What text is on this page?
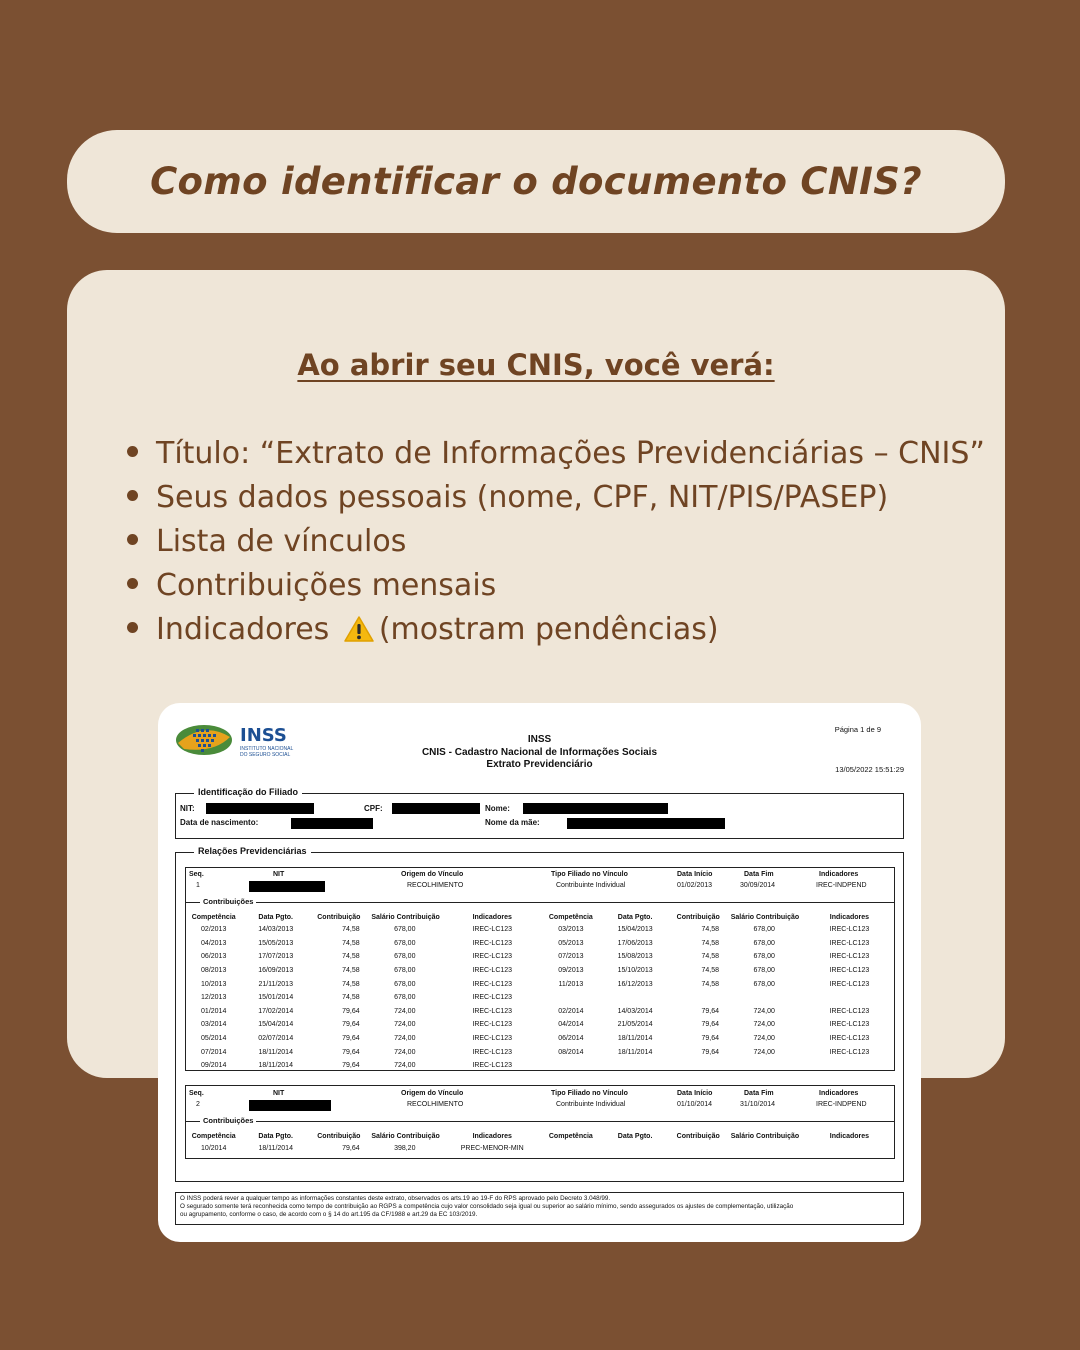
Como identificar o documento CNIS?
Ao abrir seu CNIS, você verá:
Título: “Extrato de Informações Previdenciárias – CNIS”
Seus dados pessoais (nome, CPF, NIT/PIS/PASEP)
Lista de vínculos
Contribuições mensais
Indicadores (mostram pendências)
INSS
INSTITUTO NACIONAL
DO SEGURO SOCIAL
INSS
CNIS - Cadastro Nacional de Informações Sociais
Extrato Previdenciário
Página 1 de 9
13/05/2022 15:51:29
Identificação do Filiado
NIT:	CPF:	Nome:
Data de nascimento:	Nome da mãe:
Relações Previdenciárias
Seq.	NIT	Origem do Vínculo	Tipo Filiado no Vínculo	Data Início	Data Fim	Indicadores
1	RECOLHIMENTO	Contribuinte Individual	01/02/2013	30/09/2014	IREC-INDPEND
Contribuições
Competência	Data Pgto.	Contribuição	Salário Contribuição	Indicadores	Competência	Data Pgto.	Contribuição	Salário Contribuição	Indicadores
02/2013	14/03/2013	74,58	678,00	IREC-LC123	03/2013	15/04/2013	74,58	678,00	IREC-LC123
04/2013	15/05/2013	74,58	678,00	IREC-LC123	05/2013	17/06/2013	74,58	678,00	IREC-LC123
06/2013	17/07/2013	74,58	678,00	IREC-LC123	07/2013	15/08/2013	74,58	678,00	IREC-LC123
08/2013	16/09/2013	74,58	678,00	IREC-LC123	09/2013	15/10/2013	74,58	678,00	IREC-LC123
10/2013	21/11/2013	74,58	678,00	IREC-LC123	11/2013	16/12/2013	74,58	678,00	IREC-LC123
12/2013	15/01/2014	74,58	678,00	IREC-LC123					
01/2014	17/02/2014	79,64	724,00	IREC-LC123	02/2014	14/03/2014	79,64	724,00	IREC-LC123
03/2014	15/04/2014	79,64	724,00	IREC-LC123	04/2014	21/05/2014	79,64	724,00	IREC-LC123
05/2014	02/07/2014	79,64	724,00	IREC-LC123	06/2014	18/11/2014	79,64	724,00	IREC-LC123
07/2014	18/11/2014	79,64	724,00	IREC-LC123	08/2014	18/11/2014	79,64	724,00	IREC-LC123
09/2014	18/11/2014	79,64	724,00	IREC-LC123					
Seq.	NIT	Origem do Vínculo	Tipo Filiado no Vínculo	Data Início	Data Fim	Indicadores
2	RECOLHIMENTO	Contribuinte Individual	01/10/2014	31/10/2014	IREC-INDPEND
Contribuições
Competência	Data Pgto.	Contribuição	Salário Contribuição	Indicadores	Competência	Data Pgto.	Contribuição	Salário Contribuição	Indicadores
10/2014	18/11/2014	79,64	398,20	PREC-MENOR-MIN					
O INSS poderá rever a qualquer tempo as informações constantes deste extrato, observados os arts.19 ao 19-F do RPS aprovado pelo Decreto 3.048/99.
O segurado somente terá reconhecida como tempo de contribuição ao RGPS a competência cujo valor consolidado seja igual ou superior ao salário mínimo, sendo assegurados os ajustes de complementação, utilização
ou agrupamento, conforme o caso, de acordo com o § 14 do art.195 da CF/1988 e art.29 da EC 103/2019.
